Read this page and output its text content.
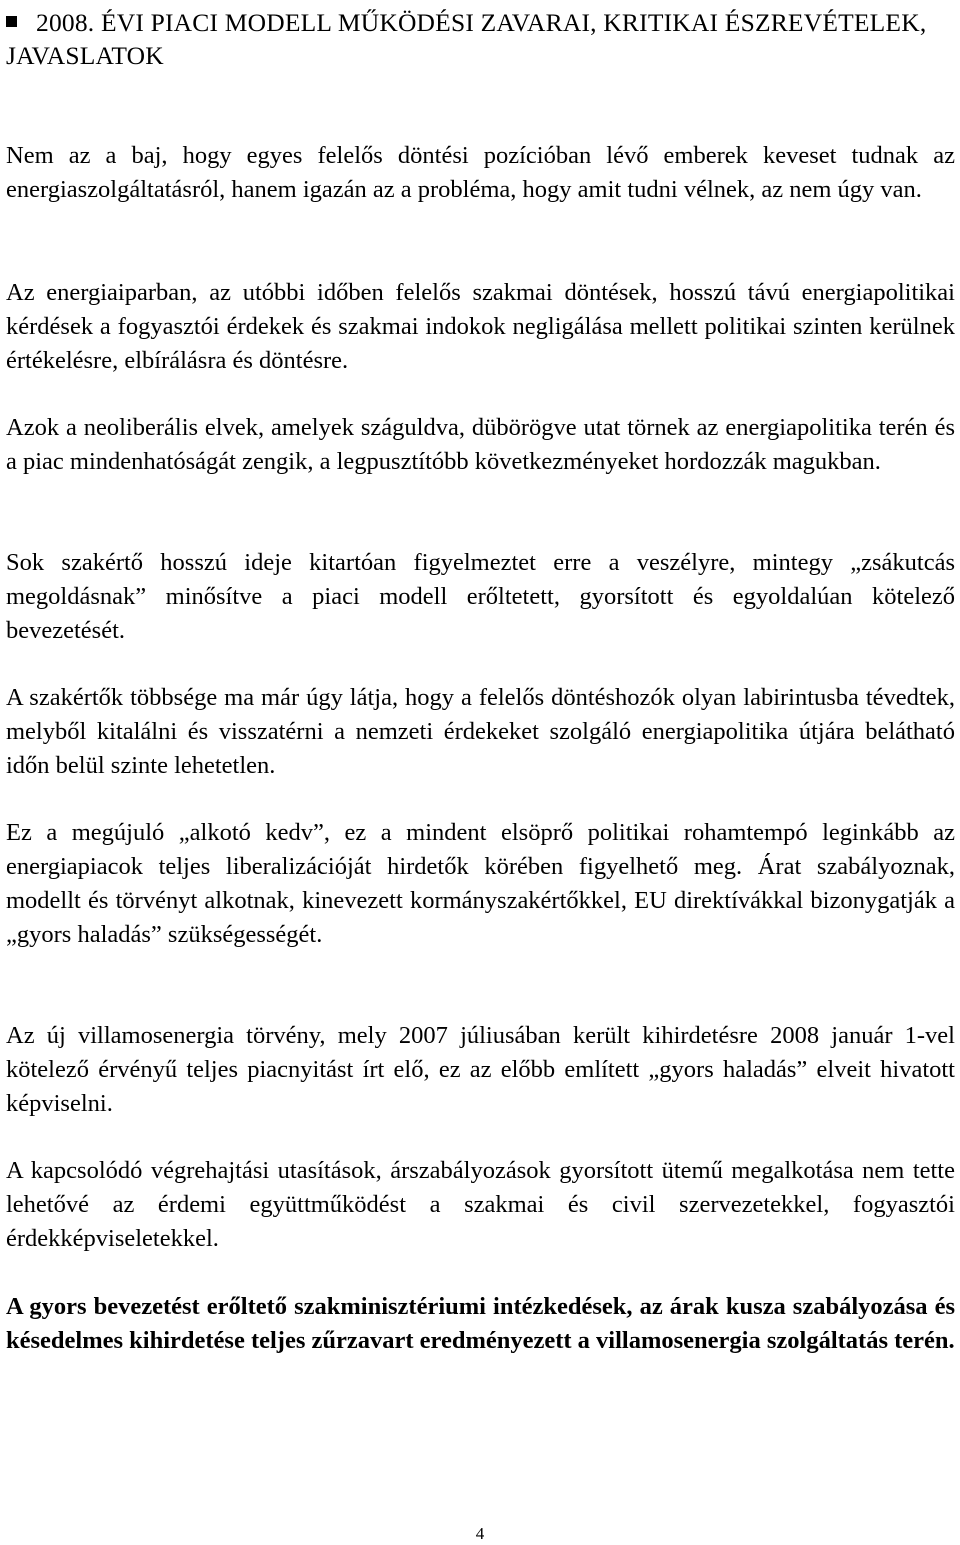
2008. ÉVI PIACI MODELL MŰKÖDÉSI ZAVARAI, KRITIKAI ÉSZREVÉTELEK, JAVASLATOK

Nem az a baj, hogy egyes felelős döntési pozícióban lévő emberek keveset tudnak az energiaszolgáltatásról, hanem igazán az a probléma, hogy amit tudni vélnek, az nem úgy van.

Az energiaiparban, az utóbbi időben felelős szakmai döntések, hosszú távú energiapolitikai kérdések a fogyasztói érdekek és szakmai indokok negligálása mellett politikai szinten kerülnek értékelésre, elbírálásra és döntésre.

Azok a neoliberális elvek, amelyek száguldva, dübörögve utat törnek az energiapolitika terén és a piac mindenhatóságát zengik, a legpusztítóbb következményeket hordozzák magukban.

Sok szakértő hosszú ideje kitartóan figyelmeztet erre a veszélyre, mintegy „zsákutcás megoldásnak” minősítve a piaci modell erőltetett, gyorsított és egyoldalúan kötelező bevezetését.

A szakértők többsége ma már úgy látja, hogy a felelős döntéshozók olyan labirintusba tévedtek, melyből kitalálni és visszatérni a nemzeti érdekeket szolgáló energiapolitika útjára belátható időn belül szinte lehetetlen.

Ez a megújuló „alkotó kedv”, ez a mindent elsöprő politikai rohamtempó leginkább az energiapiacok teljes liberalizációját hirdetők körében figyelhető meg. Árat szabályoznak, modellt és törvényt alkotnak, kinevezett kormányszakértőkkel, EU direktívákkal bizonygatják a „gyors haladás” szükségességét.

Az új villamosenergia törvény, mely 2007 júliusában került kihirdetésre 2008 január 1-vel kötelező érvényű teljes piacnyitást írt elő, ez az előbb említett „gyors haladás” elveit hivatott képviselni.

A kapcsolódó végrehajtási utasítások, árszabályozások gyorsított ütemű megalkotása nem tette lehetővé az érdemi együttműködést a szakmai és civil szervezetekkel, fogyasztói érdekképviseletekkel.

A gyors bevezetést erőltető szakminisztériumi intézkedések, az árak kusza szabályozása és késedelmes kihirdetése teljes zűrzavart eredményezett a villamosenergia szolgáltatás terén.

4
